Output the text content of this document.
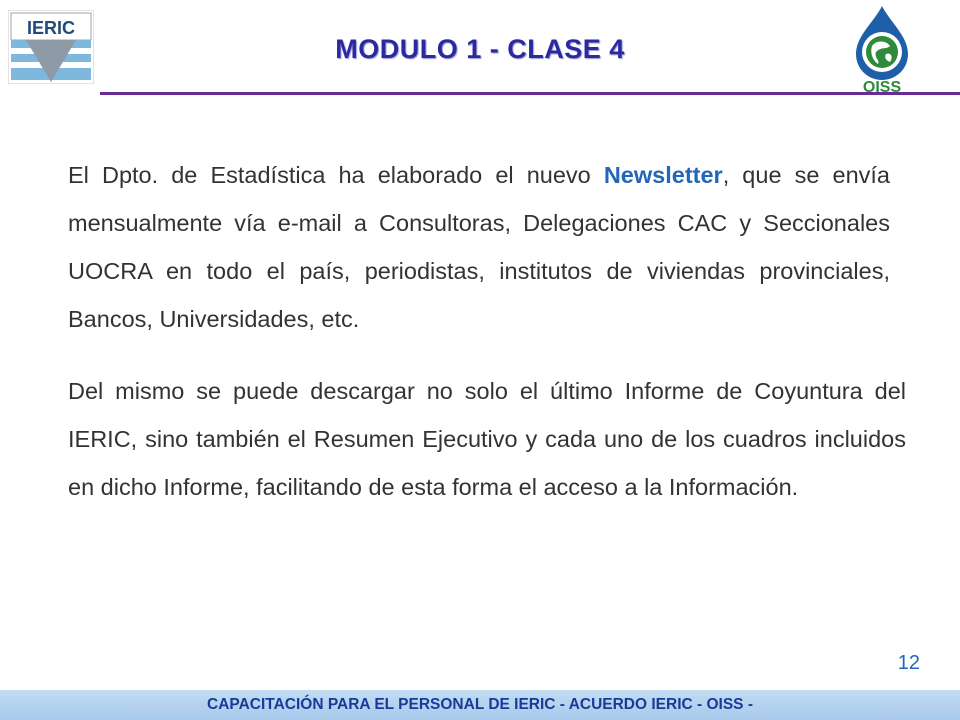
IERIC
OISS
MODULO 1 - CLASE 4

El Dpto. de Estadística ha elaborado el nuevo Newsletter, que se envía mensualmente vía e-mail a Consultoras, Delegaciones CAC y Seccionales UOCRA en todo el país, periodistas, institutos de viviendas provinciales, Bancos, Universidades, etc.

Del mismo se puede descargar no solo el último Informe de Coyuntura del IERIC, sino también el Resumen Ejecutivo y cada uno de los cuadros incluidos en dicho Informe, facilitando de esta forma el acceso a la Información.

12
CAPACITACIÓN PARA EL PERSONAL DE IERIC - ACUERDO IERIC - OISS -
